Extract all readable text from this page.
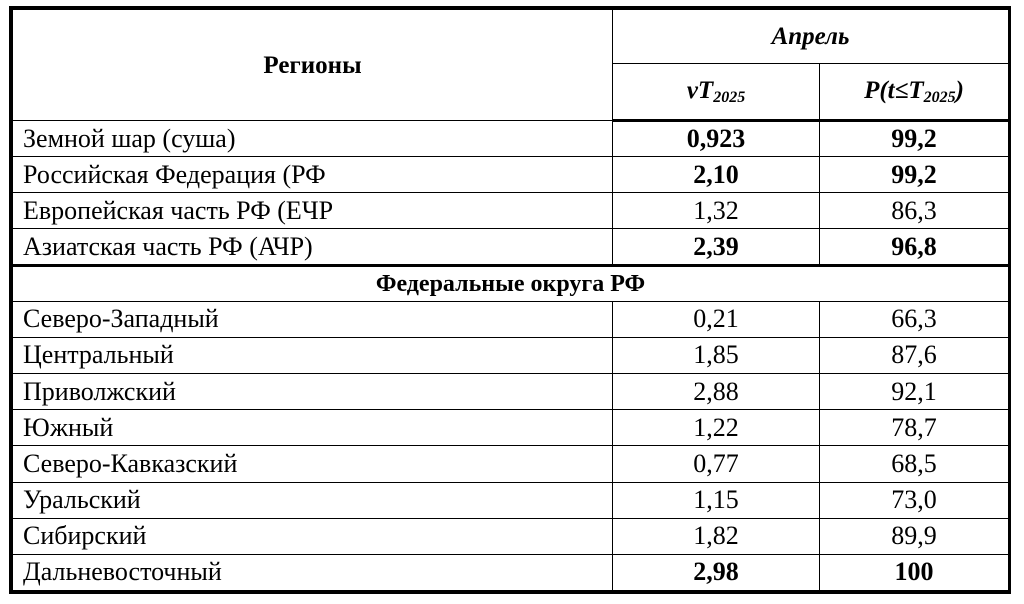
Регионы	Апрель	
	$vT_{2025}$	$P(t\le T_{2025})$
Земной шар (суша)	0,923	99,2
Российская Федерация (РФ	2,10	99,2
Европейская часть РФ (ЕЧР	1,32	86,3
Азиатская часть РФ (АЧР)	2,39	96,8
Федеральные округа РФ		
Северо-Западный	0,21	66,3
Центральный	1,85	87,6
Приволжский	2,88	92,1
Южный	1,22	78,7
Северо-Кавказский	0,77	68,5
Уральский	1,15	73,0
Сибирский	1,82	89,9
Дальневосточный	2,98	100
